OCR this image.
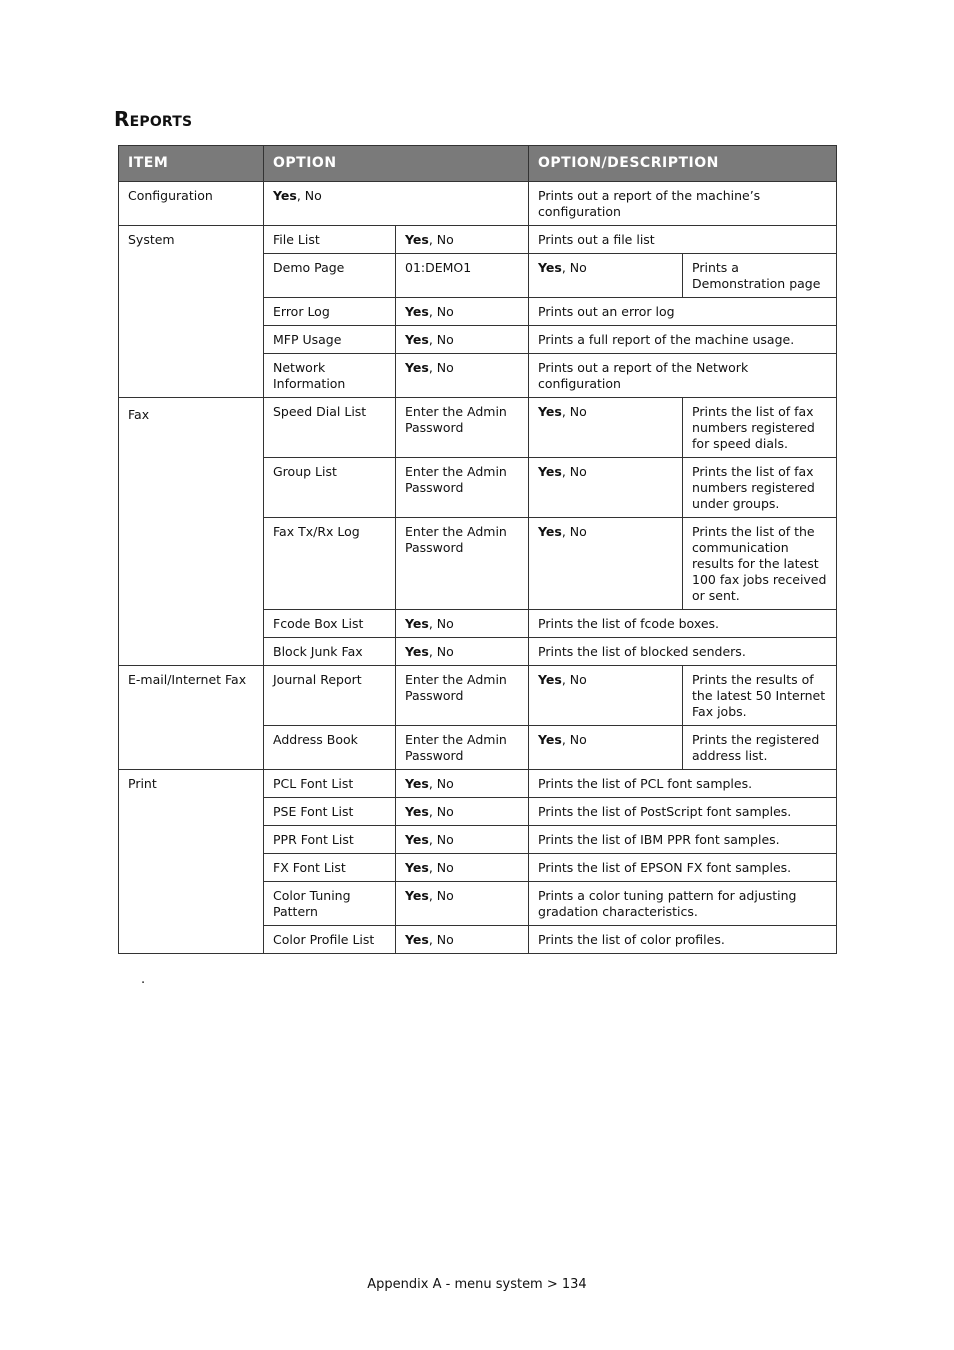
Reports
ITEM	OPTION		OPTION/DESCRIPTION	
Configuration	Yes, No		Prints out a report of the machine’s configuration	
System	File List	Yes, No	Prints out a file list	
	Demo Page	01:DEMO1	Yes, No	Prints a Demonstration page
	Error Log	Yes, No	Prints out an error log	
	MFP Usage	Yes, No	Prints a full report of the machine usage.	
	Network Information	Yes, No	Prints out a report of the Network configuration	
Fax	Speed Dial List	Enter the Admin Password	Yes, No	Prints the list of fax numbers registered for speed dials.
	Group List	Enter the Admin Password	Yes, No	Prints the list of fax numbers registered under groups.
	Fax Tx/Rx Log	Enter the Admin Password	Yes, No	Prints the list of the communication results for the latest 100 fax jobs received or sent.
	Fcode Box List	Yes, No	Prints the list of fcode boxes.	
	Block Junk Fax	Yes, No	Prints the list of blocked senders.	
E-mail/Internet Fax	Journal Report	Enter the Admin Password	Yes, No	Prints the results of the latest 50 Internet Fax jobs.
	Address Book	Enter the Admin Password	Yes, No	Prints the registered address list.
Print	PCL Font List	Yes, No	Prints the list of PCL font samples.	
	PSE Font List	Yes, No	Prints the list of PostScript font samples.	
	PPR Font List	Yes, No	Prints the list of IBM PPR font samples.	
	FX Font List	Yes, No	Prints the list of EPSON FX font samples.	
	Color Tuning Pattern	Yes, No	Prints a color tuning pattern for adjusting gradation characteristics.	
	Color Profile List	Yes, No	Prints the list of color profiles.	
.
Appendix A - menu system > 134
